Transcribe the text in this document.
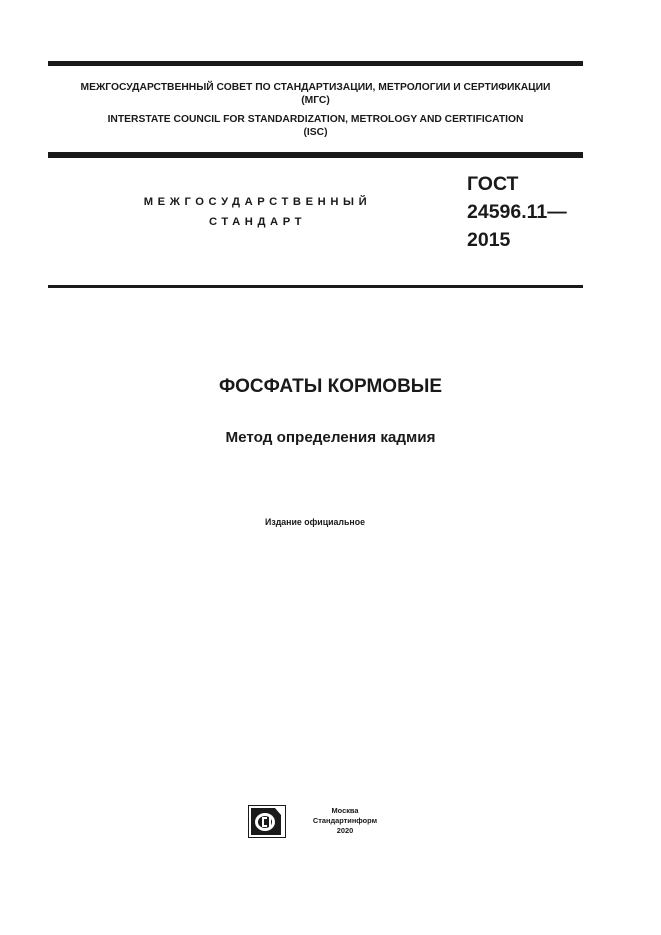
МЕЖГОСУДАРСТВЕННЫЙ СОВЕТ ПО СТАНДАРТИЗАЦИИ, МЕТРОЛОГИИ И СЕРТИФИКАЦИИ
(МГС)
INTERSTATE COUNCIL FOR STANDARDIZATION, METROLOGY AND CERTIFICATION
(ISC)
МЕЖГОСУДАРСТВЕННЫЙ
СТАНДАРТ
ГОСТ
24596.11—
2015
ФОСФАТЫ КОРМОВЫЕ
Метод определения кадмия
Издание официальное
Москва
Стандартинформ
2020
